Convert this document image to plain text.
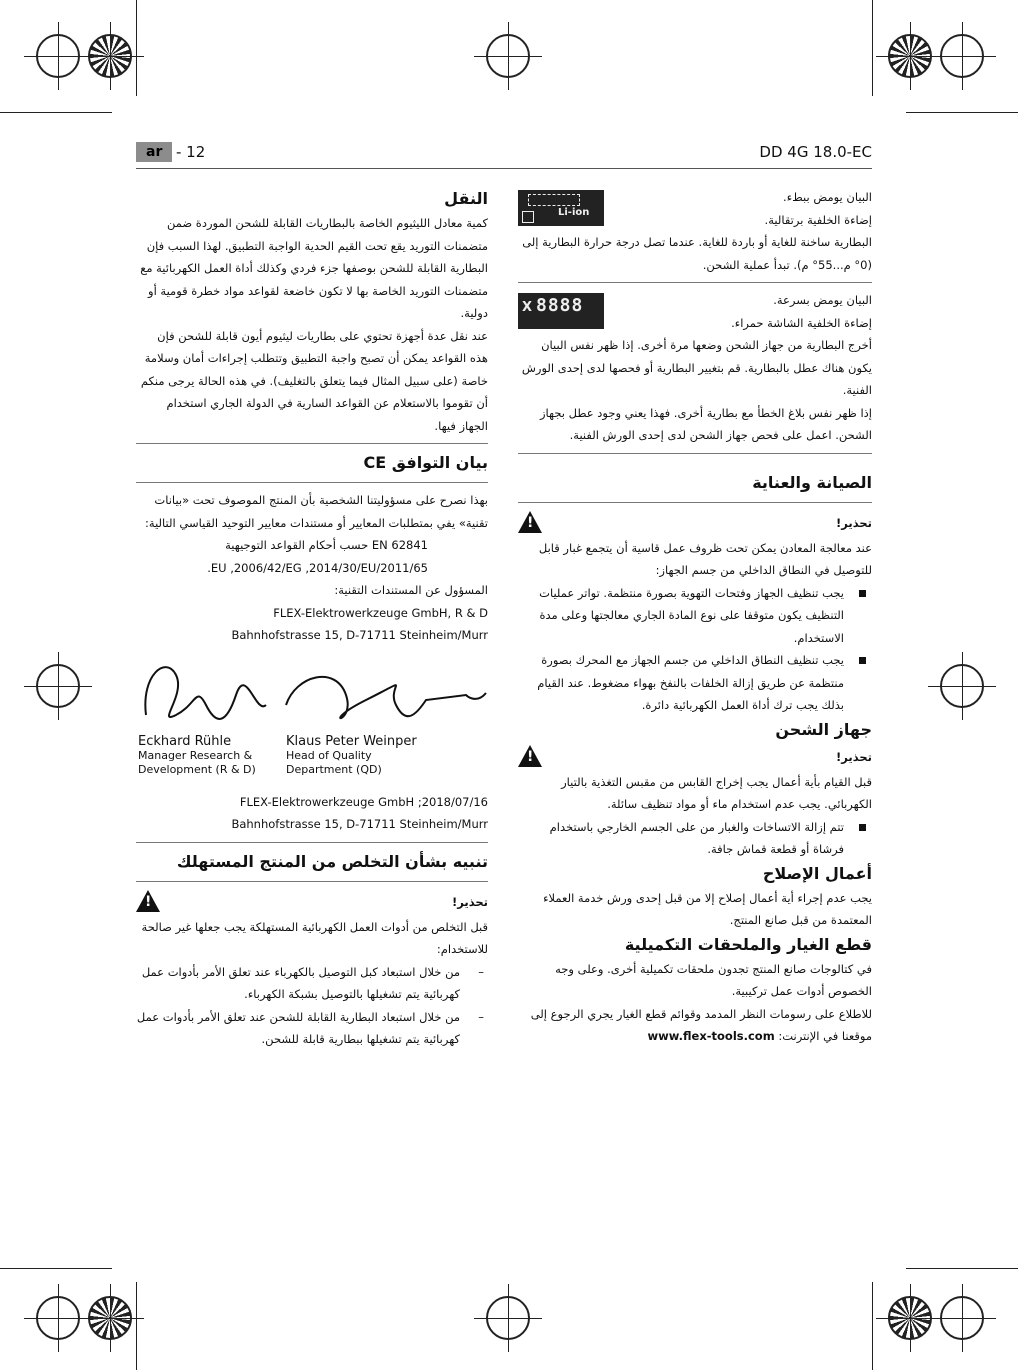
ar - 12	DD 4G 18.0-EC
النقل

كمية معادل الليثيوم الخاصة بالبطاريات القابلة للشحن الموردة ضمن متضمنات التوريد يقع تحت القيم الحدية الواجبة التطبيق. لهذا السبب فإن البطارية القابلة للشحن بوصفها جزء فردي وكذلك أداة العمل الكهربائية مع متضمنات التوريد الخاصة بها لا تكون خاضعة لقواعد مواد خطرة قومية أو دولية.

عند نقل عدة أجهزة تحتوي على بطاريات ليثيوم أيون قابلة للشحن فإن هذه القواعد يمكن أن تصبح واجبة التطبيق وتتطلب إجراءات أمان وسلامة خاصة (على سبيل المثال فيما يتعلق بالتغليف). في هذه الحالة يرجى منكم أن تقوموا بالاستعلام عن القواعد السارية في الدولة الجاري استخدام الجهاز فيها.

بيان التوافق CE

بهذا نصرح على مسؤوليتنا الشخصية بأن المنتج الموصوف تحت «بيانات تقنية» يفي بمتطلبات المعايير أو مستندات معايير التوحيد القياسي التالية:

EN 62841 حسب أحكام القواعد التوجيهية

2011/65/EU ,2006/42/EG ,2014/30/EU.

المسؤول عن المستندات التقنية:

FLEX-Elektrowerkzeuge GmbH, R & D

Bahnhofstrasse 15, D-71711 Steinheim/Murr

Eckhard Rühle
Manager Research &
Development (R & D)
Klaus Peter Weinper
Head of Quality
Department (QD)

FLEX-Elektrowerkzeuge GmbH ;2018/07/16

Bahnhofstrasse 15, D-71711 Steinheim/Murr

تنبيه بشأن التخلص من المنتج المستهلك
!
تحذير!

قبل التخلص من أدوات العمل الكهربائية المستهلكة يجب جعلها غير صالحة للاستخدام:

– من خلال استبعاد كبل التوصيل بالكهرباء عند تعلق الأمر بأدوات عمل كهربائية يتم تشغيلها بالتوصيل بشبكة الكهرباء.

– من خلال استبعاد البطارية القابلة للشحن عند تعلق الأمر بأدوات عمل كهربائية يتم تشغيلها ببطارية قابلة للشحن.

Li-ion

البيان يومض ببطء.

إضاءة الخلفية برتقالية.

البطارية ساخنة للغاية أو باردة للغاية. عندما تصل درجة حرارة البطارية إلى (0° م...55° م). تبدأ عملية الشحن.

X 8888	البيان يومض بسرعة.

إضاءة الخلفية الشاشة حمراء.

أخرج البطارية من جهاز الشحن وضعها مرة أخرى. إذا ظهر نفس البيان يكون هناك عطل بالبطارية. قم بتغيير البطارية أو فحصها لدى إحدى الورش الفنية.

إذا ظهر نفس بلاغ الخطأ مع بطارية أخرى. فهذا يعني وجود عطل بجهاز الشحن. اعمل على فحص جهاز الشحن لدى إحدى الورش الفنية.

الصيانة والعناية
!
تحذير!

عند معالجة المعادن يمكن تحت ظروف عمل قاسية أن يتجمع غبار قابل للتوصيل في النطاق الداخلي من جسم الجهاز:

يجب تنظيف الجهاز وفتحات التهوية بصورة منتظمة. تواتر عمليات التنظيف يكون متوقفا على نوع المادة الجاري معالجتها وعلى مدة الاستخدام.

يجب تنظيف النطاق الداخلي من جسم الجهاز مع المحرك بصورة منتظمة عن طريق إزالة الخلفات بالنفخ بهواء مضغوط. عند القيام بذلك يجب ترك أداة العمل الكهربائية دائرة.

جهاز الشحن
!
تحذير!

قبل القيام بأية أعمال يجب إخراج القابس من مقبس التغذية بالتيار الكهربائي. يجب عدم استخدام ماء أو مواد تنظيف سائلة.

تتم إزالة الاتساخات والغبار من على الجسم الخارجي باستخدام فرشاة أو قطعة قماش جافة.

أعمال الإصلاح

يجب عدم إجراء أية أعمال إصلاح إلا من قبل إحدى ورش خدمة العملاء المعتمدة من قبل صانع المنتج.

قطع الغيار والملحقات التكميلية

في كتالوجات صانع المنتج تجدون ملحقات تكميلية أخرى. وعلى وجه الخصوص أدوات عمل تركيبية.

للاطلاع على رسومات النظر المدمد وقوائم قطع الغيار يجري الرجوع إلى موقعنا في الإنترنت: www.flex-tools.com
